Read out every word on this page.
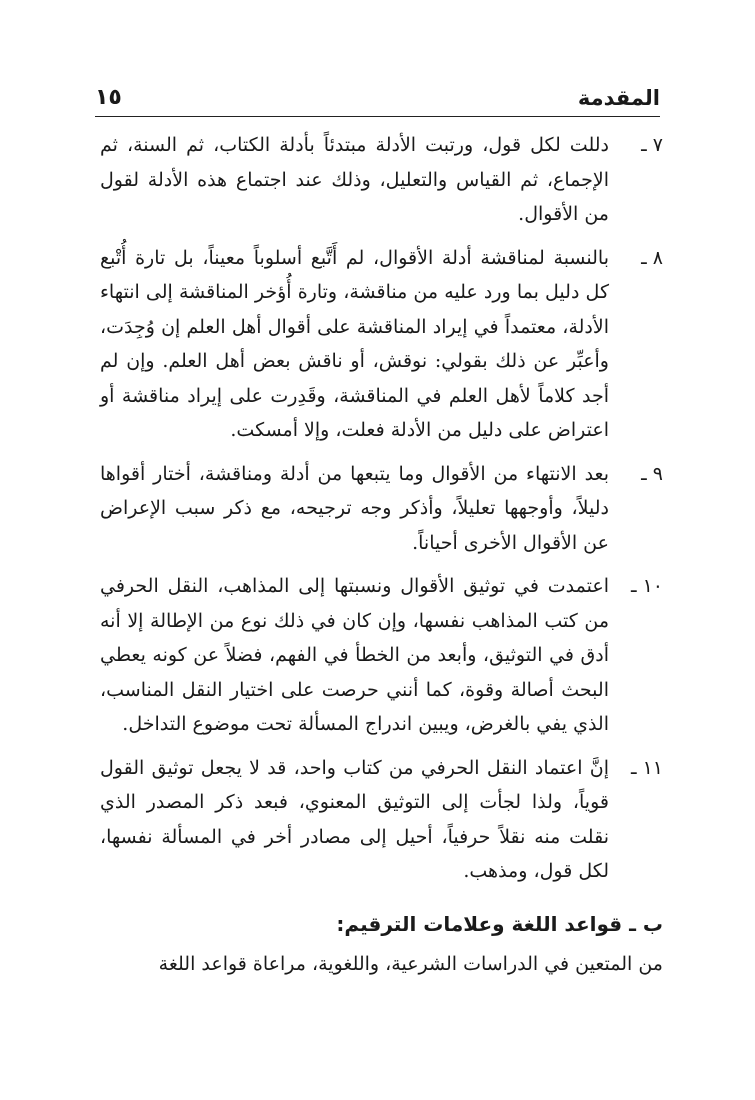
المقدمة
١٥
٧ ـ
دللت لكل قول، ورتبت الأدلة مبتدئاً بأدلة الكتاب، ثم السنة، ثم الإجماع، ثم القياس والتعليل، وذلك عند اجتماع هذه الأدلة لقول من الأقوال.
٨ ـ
بالنسبة لمناقشة أدلة الأقوال، لم أَتَّبع أسلوباً معيناً، بل تارة أُتْبع كل دليل بما ورد عليه من مناقشة، وتارة أُؤخر المناقشة إلى انتهاء الأدلة، معتمداً في إيراد المناقشة على أقوال أهل العلم إن وُجِدَت، وأعبِّر عن ذلك بقولي: نوقش، أو ناقش بعض أهل العلم. وإن لم أجد كلاماً لأهل العلم في المناقشة، وقَدِرت على إيراد مناقشة أو اعتراض على دليل من الأدلة فعلت، وإلا أمسكت.
٩ ـ
بعد الانتهاء من الأقوال وما يتبعها من أدلة ومناقشة، أختار أقواها دليلاً، وأوجهها تعليلاً، وأذكر وجه ترجيحه، مع ذكر سبب الإعراض عن الأقوال الأخرى أحياناً.
١٠ ـ
اعتمدت في توثيق الأقوال ونسبتها إلى المذاهب، النقل الحرفي من كتب المذاهب نفسها، وإن كان في ذلك نوع من الإطالة إلا أنه أدق في التوثيق، وأبعد من الخطأ في الفهم، فضلاً عن كونه يعطي البحث أصالة وقوة، كما أنني حرصت على اختيار النقل المناسب، الذي يفي بالغرض، ويبين اندراج المسألة تحت موضوع التداخل.
١١ ـ
إنَّ اعتماد النقل الحرفي من كتاب واحد، قد لا يجعل توثيق القول قوياً، ولذا لجأت إلى التوثيق المعنوي، فبعد ذكر المصدر الذي نقلت منه نقلاً حرفياً، أحيل إلى مصادر أخر في المسألة نفسها، لكل قول، ومذهب.
ب ـ قواعد اللغة وعلامات الترقيم:
من المتعين في الدراسات الشرعية، واللغوية، مراعاة قواعد اللغة
